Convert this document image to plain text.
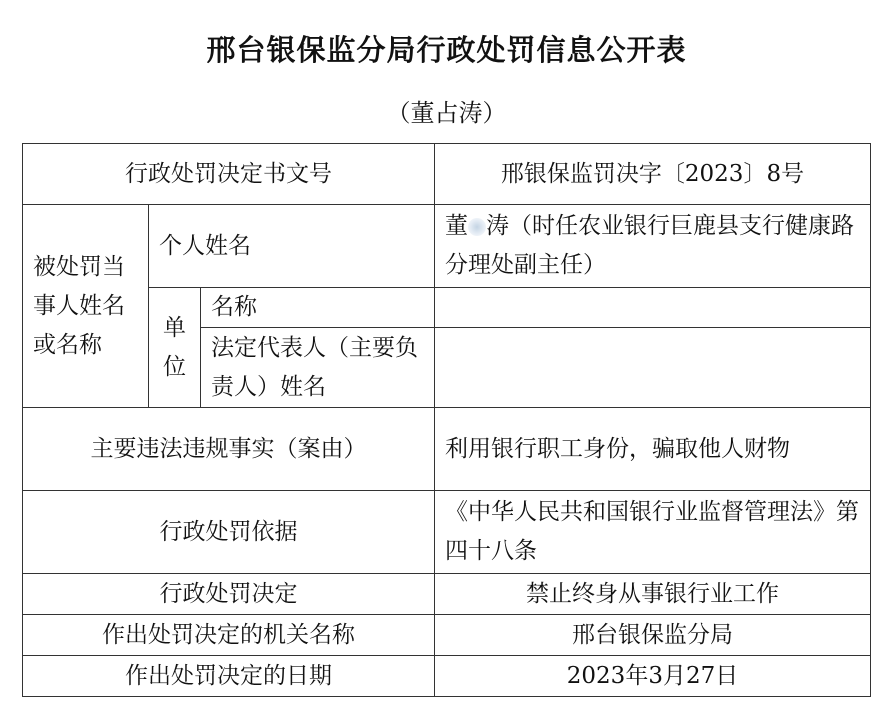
邢台银保监分局行政处罚信息公开表
（董占涛）
行政处罚决定书文号			邢银保监罚决字〔2023〕8号
被处罚当事人姓名或名称	个人姓名		董 涛（时任农业银行巨鹿县支行健康路分理处副主任）
	单位	名称	
		法定代表人（主要负责人）姓名	
主要违法违规事实（案由）			利用银行职工身份，骗取他人财物
行政处罚依据			《中华人民共和国银行业监督管理法》第四十八条
行政处罚决定			禁止终身从事银行业工作
作出处罚决定的机关名称			邢台银保监分局
作出处罚决定的日期			2023年3月27日
